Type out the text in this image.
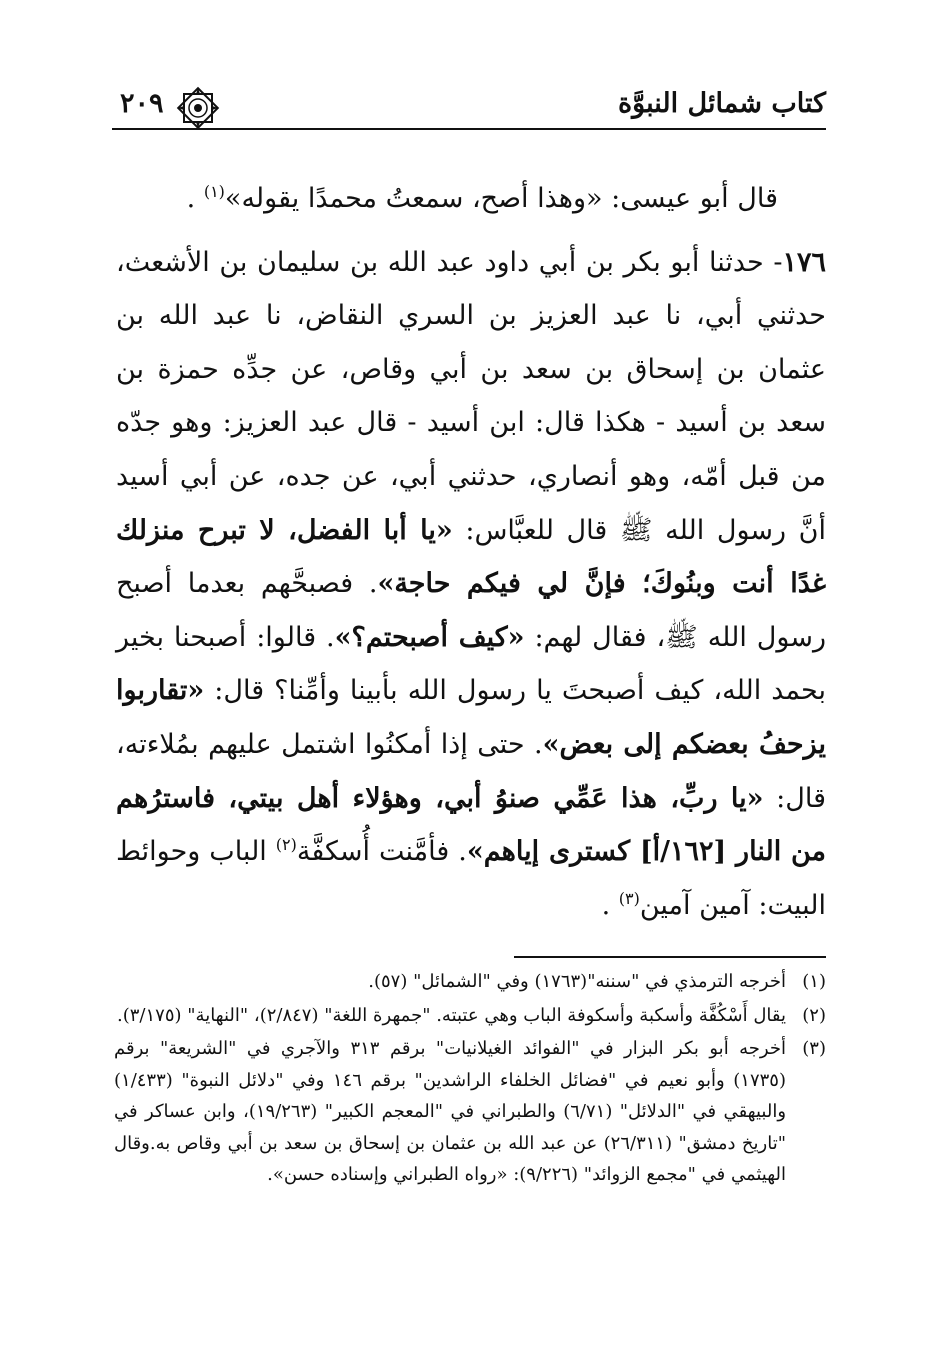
كتاب شمائل النبوَّة
٢٠٩

قال أبو عيسى: «وهذا أصح، سمعتُ محمدًا يقوله»$^{(١)}$ .

١٧٦- حدثنا أبو بكر بن أبي داود عبد الله بن سليمان بن الأشعث، حدثني أبي، نا عبد العزيز بن السري النقاض، نا عبد الله بن عثمان بن إسحاق بن سعد بن أبي وقاص، عن جدِّه حمزة بن سعد بن أسيد - هكذا قال: ابن أسيد - قال عبد العزيز: وهو جدّه من قبل أمّه، وهو أنصاري، حدثني أبي، عن جده، عن أبي أسيد أنَّ رسول الله ﷺ قال للعبَّاس: «يا أبا الفضل، لا تبرح منزلك غدًا أنت وبنُوكَ؛ فإنَّ لي فيكم حاجة». فصبحَّهم بعدما أصبح رسول الله ﷺ، فقال لهم: «كيف أصبحتم؟». قالوا: أصبحنا بخير بحمد الله، كيف أصبحتَ يا رسول الله بأبينا وأمِّنا؟ قال: «تقاربوا يزحفُ بعضكم إلى بعض». حتى إذا أمكنُوا اشتمل عليهم بمُلاءته، قال: «يا ربِّ، هذا عَمِّي صنوُ أبي، وهؤلاء أهل بيتي، فاسترُهم من النار [١٦٢/أ] كسترى إياهم». فأمَّنت أُسكفَّة$^{(٢)}$ الباب وحوائط البيت: آمين آمين$^{(٣)}$ .

(١)
أخرجه الترمذي في "سننه"(١٧٦٣) وفي "الشمائل" (٥٧).
(٢)
يقال أَسْكُفَّة وأسكبة وأسكوفة الباب وهي عتبته. "جمهرة اللغة" (٢/٨٤٧)، "النهاية" (٣/١٧٥).
(٣)
أخرجه أبو بكر البزار في "الفوائد الغيلانيات" برقم ٣١٣ والآجري في "الشريعة" برقم (١٧٣٥) وأبو نعيم في "فضائل الخلفاء الراشدين" برقم ١٤٦ وفي "دلائل النبوة" (١/٤٣٣) والبيهقي في "الدلائل" (٦/٧١) والطبراني في "المعجم الكبير" (١٩/٢٦٣)، وابن عساكر في "تاريخ دمشق" (٢٦/٣١١) عن عبد الله بن عثمان بن إسحاق بن سعد بن أبي وقاص به.وقال الهيثمي في "مجمع الزوائد" (٩/٢٢٦): «رواه الطبراني وإسناده حسن».
